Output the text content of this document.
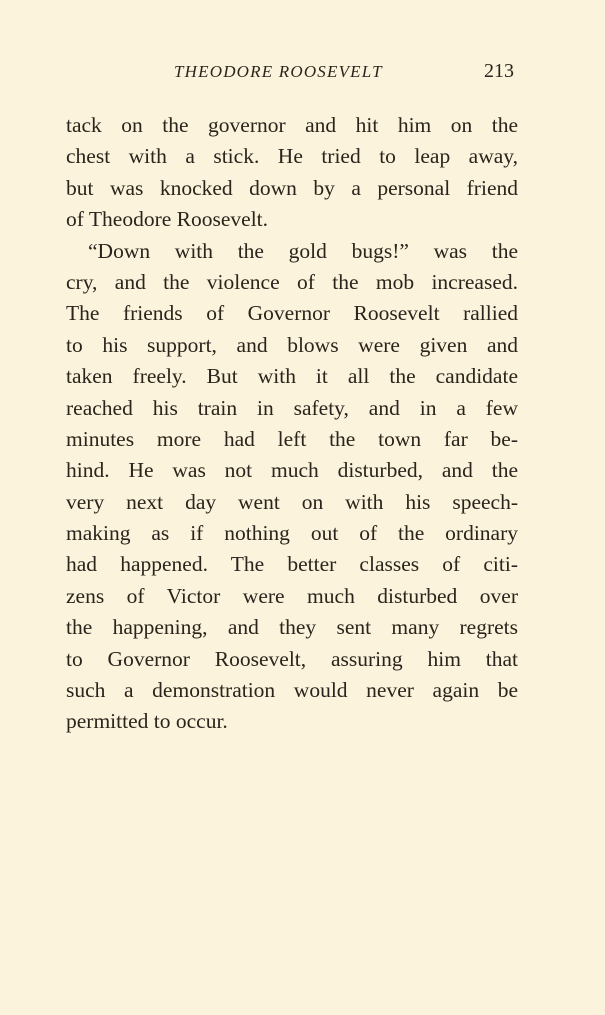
THEODORE ROOSEVELT	213
tack on the governor and hit him on the
chest with a stick. He tried to leap away,
but was knocked down by a personal friend
of Theodore Roosevelt.
“Down with the gold bugs!” was the
cry, and the violence of the mob increased.
The friends of Governor Roosevelt rallied
to his support, and blows were given and
taken freely. But with it all the candidate
reached his train in safety, and in a few
minutes more had left the town far be-
hind. He was not much disturbed, and the
very next day went on with his speech-
making as if nothing out of the ordinary
had happened. The better classes of citi-
zens of Victor were much disturbed over
the happening, and they sent many regrets
to Governor Roosevelt, assuring him that
such a demonstration would never again be
permitted to occur.
